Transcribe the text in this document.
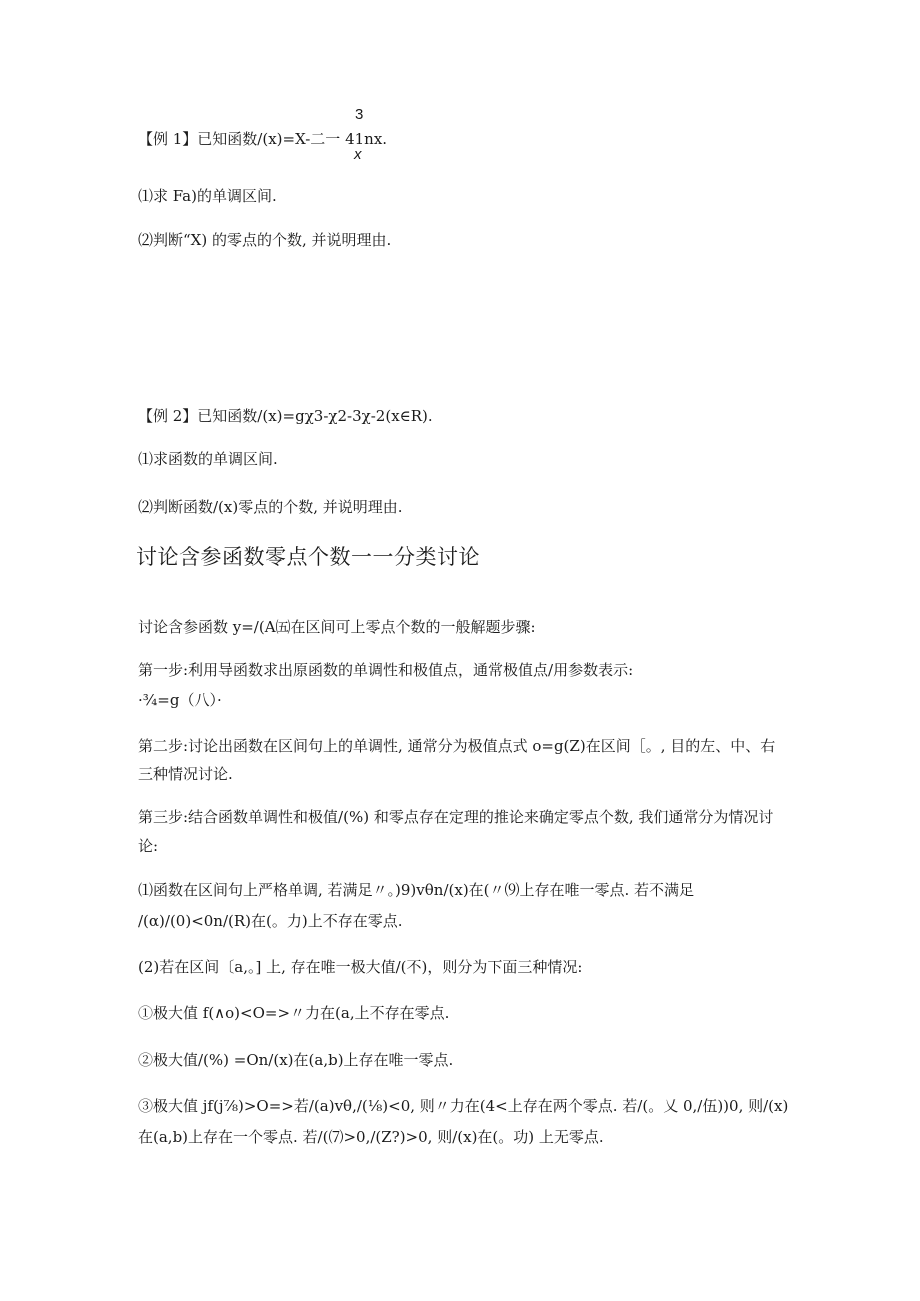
3
【例 1】已知函数/(x)=X-二一 41nx.
x
⑴求 Fa)的单调区间.
⑵判断“X) 的零点的个数, 并说明理由.
【例 2】已知函数/(x)=gχ3-χ2-3χ-2(x∈R).
⑴求函数的单调区间.
⑵判断函数/(x)零点的个数, 并说明理由.
讨论含参函数零点个数一一分类讨论
讨论含参函数 y=/(A㈤在区间可上零点个数的一般解题步骤:
第一步:利用导函数求出原函数的单调性和极值点，通常极值点/用参数表示:
·¾=g（八）·
第二步:讨论出函数在区间句上的单调性, 通常分为极值点式 o=g(Z)在区间［。, 目的左、中、右
三种情况讨论.
第三步:结合函数单调性和极值/(%) 和零点存在定理的推论来确定零点个数, 我们通常分为情况讨
论:
⑴函数在区间句上严格单调, 若满足〃。)9)vθn/(x)在(〃⑼上存在唯一零点. 若不满足
/(α)/(0)<0n/(R)在(。力)上不存在零点.
(2)若在区间〔a,。] 上, 存在唯一极大值/(不)，则分为下面三种情况:
①极大值 f(∧o)<O=>〃力在(a,上不存在零点.
②极大值/(%) =On/(x)在(a,b)上存在唯一零点.
③极大值 jf(j⅞)>O=>若/(a)vθ,/(⅛)<0, 则〃力在(4<上存在两个零点. 若/(。乂 0,/伍))0, 则/(x)
在(a,b)上存在一个零点. 若/(⑺>0,/(Z?)>0, 则/(x)在(。功) 上无零点.
